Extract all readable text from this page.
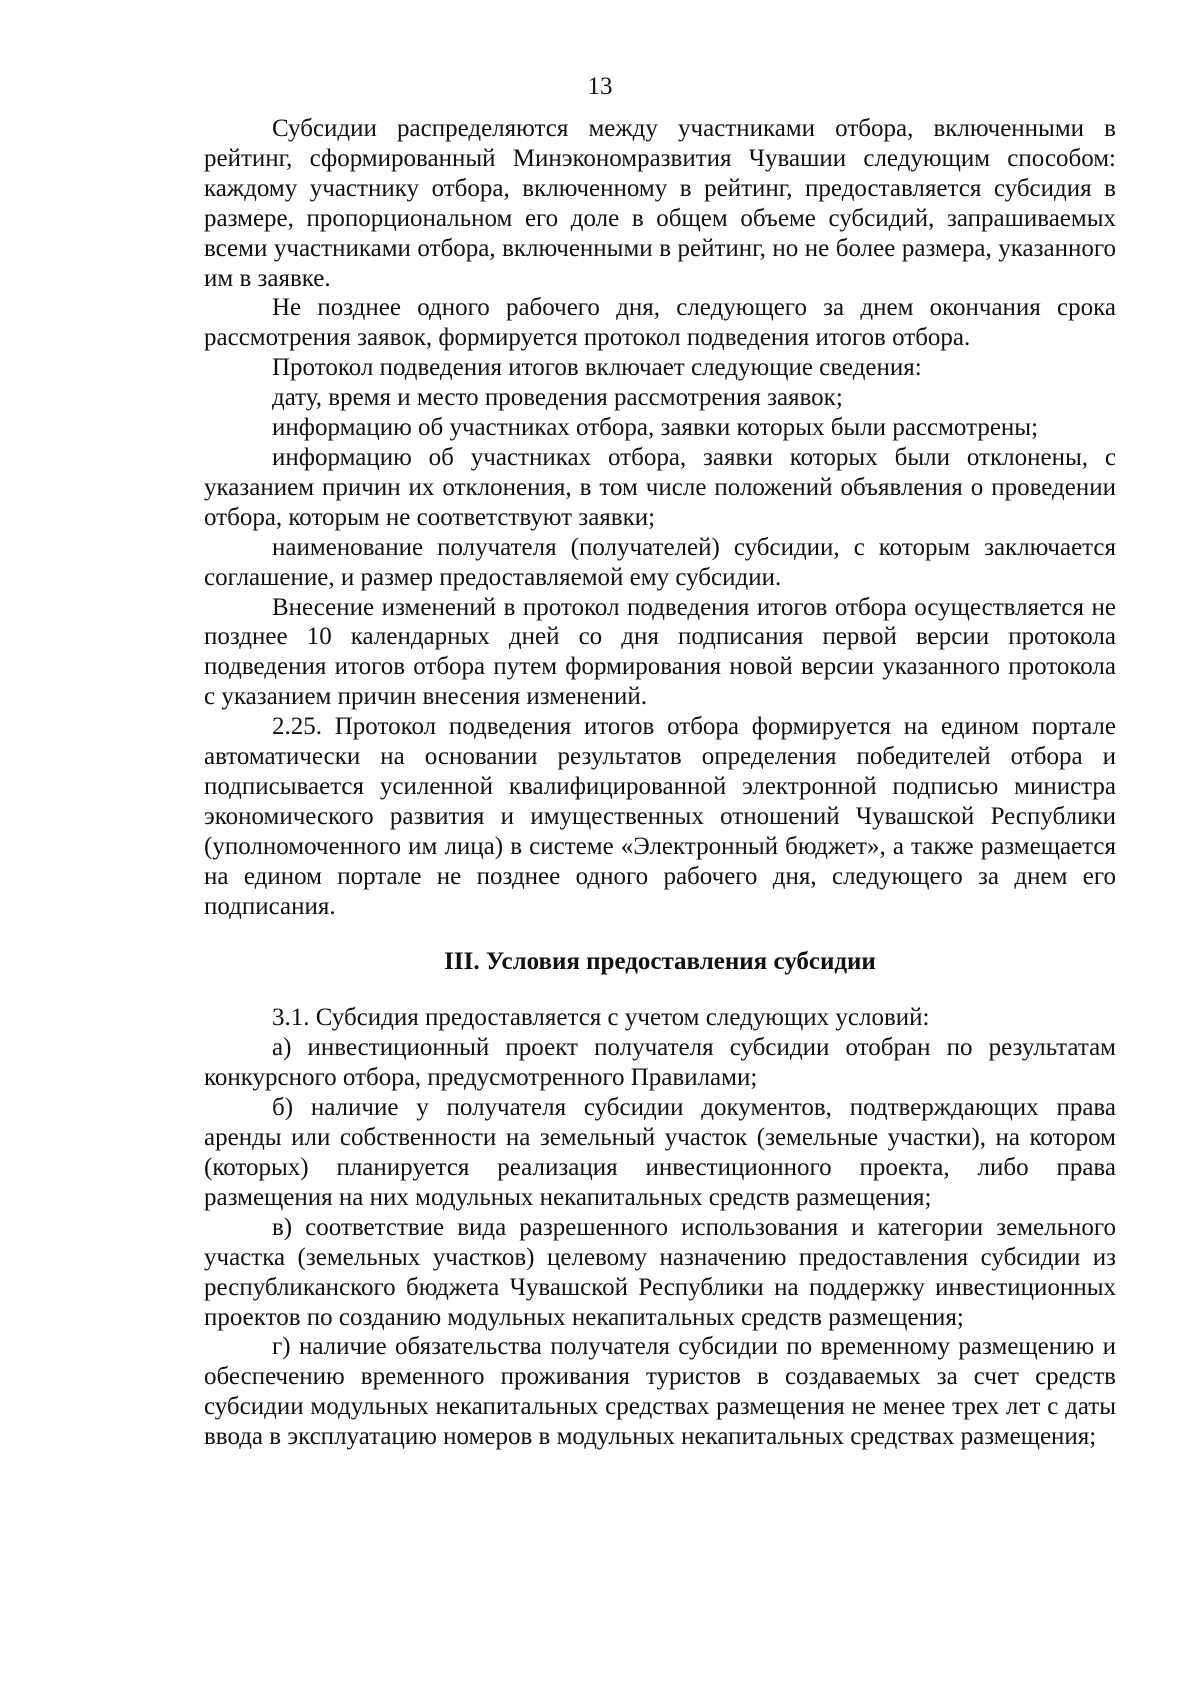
13

Субсидии распределяются между участниками отбора, включенными в рейтинг, сформированный Минэкономразвития Чувашии следующим способом: каждому участнику отбора, включенному в рейтинг, предоставляется субсидия в размере, пропорциональном его доле в общем объеме субсидий, запрашиваемых всеми участниками отбора, включенными в рейтинг, но не более размера, указанного им в заявке.

Не позднее одного рабочего дня, следующего за днем окончания срока рассмотрения заявок, формируется протокол подведения итогов отбора.

Протокол подведения итогов включает следующие сведения:

дату, время и место проведения рассмотрения заявок;

информацию об участниках отбора, заявки которых были рассмотрены;

информацию об участниках отбора, заявки которых были отклонены, с указанием причин их отклонения, в том числе положений объявления о проведении отбора, которым не соответствуют заявки;

наименование получателя (получателей) субсидии, с которым заключается соглашение, и размер предоставляемой ему субсидии.

Внесение изменений в протокол подведения итогов отбора осуществляется не позднее 10 календарных дней со дня подписания первой версии протокола подведения итогов отбора путем формирования новой версии указанного протокола с указанием причин внесения изменений.

2.25. Протокол подведения итогов отбора формируется на едином портале автоматически на основании результатов определения победителей отбора и подписывается усиленной квалифицированной электронной подписью министра экономического развития и имущественных отношений Чувашской Республики (уполномоченного им лица) в системе «Электронный бюджет», а также размещается на едином портале не позднее одного рабочего дня, следующего за днем его подписания.

III. Условия предоставления субсидии

3.1. Субсидия предоставляется с учетом следующих условий:

а) инвестиционный проект получателя субсидии отобран по результатам конкурсного отбора, предусмотренного Правилами;

б) наличие у получателя субсидии документов, подтверждающих права аренды или собственности на земельный участок (земельные участки), на котором (которых) планируется реализация инвестиционного проекта, либо права размещения на них модульных некапитальных средств размещения;

в) соответствие вида разрешенного использования и категории земельного участка (земельных участков) целевому назначению предоставления субсидии из республиканского бюджета Чувашской Республики на поддержку инвестиционных проектов по созданию модульных некапитальных средств размещения;

г) наличие обязательства получателя субсидии по временному размещению и обеспечению временного проживания туристов в создаваемых за счет средств субсидии модульных некапитальных средствах размещения не менее трех лет с даты ввода в эксплуатацию номеров в модульных некапитальных средствах размещения;
